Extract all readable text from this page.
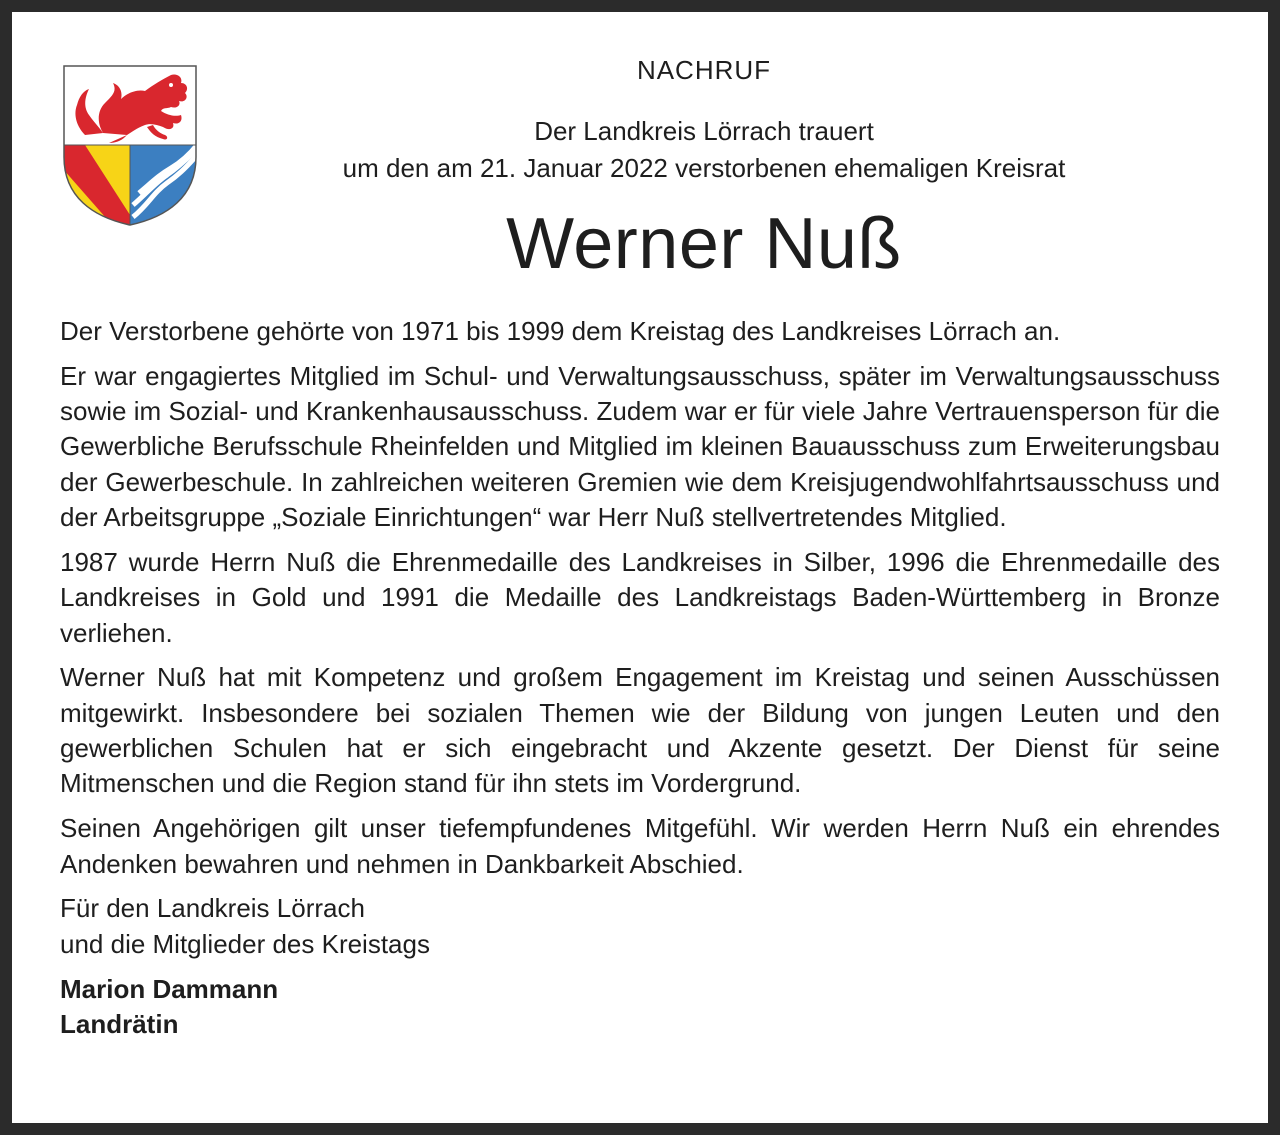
NACHRUF

Der Landkreis Lörrach trauert
um den am 21. Januar 2022 verstorbenen ehemaligen Kreisrat

Werner Nuß

Der Verstorbene gehörte von 1971 bis 1999 dem Kreistag des Landkreises Lörrach an.

Er war engagiertes Mitglied im Schul- und Verwaltungsausschuss, später im Verwaltungsausschuss sowie im Sozial- und Krankenhausausschuss. Zudem war er für viele Jahre Vertrauensperson für die Gewerbliche Berufsschule Rheinfelden und Mitglied im kleinen Bauausschuss zum Erweiterungsbau der Gewerbeschule. In zahlreichen weiteren Gremien wie dem Kreisjugendwohlfahrtsausschuss und der Arbeitsgruppe „Soziale Einrichtungen“ war Herr Nuß stellvertretendes Mitglied.

1987 wurde Herrn Nuß die Ehrenmedaille des Landkreises in Silber, 1996 die Ehrenmedaille des Landkreises in Gold und 1991 die Medaille des Landkreistags Baden-Württemberg in Bronze verliehen.

Werner Nuß hat mit Kompetenz und großem Engagement im Kreistag und seinen Ausschüssen mitgewirkt. Insbesondere bei sozialen Themen wie der Bildung von jungen Leuten und den gewerblichen Schulen hat er sich eingebracht und Akzente gesetzt. Der Dienst für seine Mitmenschen und die Region stand für ihn stets im Vordergrund.

Seinen Angehörigen gilt unser tiefempfundenes Mitgefühl. Wir werden Herrn Nuß ein ehrendes Andenken bewahren und nehmen in Dankbarkeit Abschied.

Für den Landkreis Lörrach
und die Mitglieder des Kreistags

Marion Dammann
Landrätin
